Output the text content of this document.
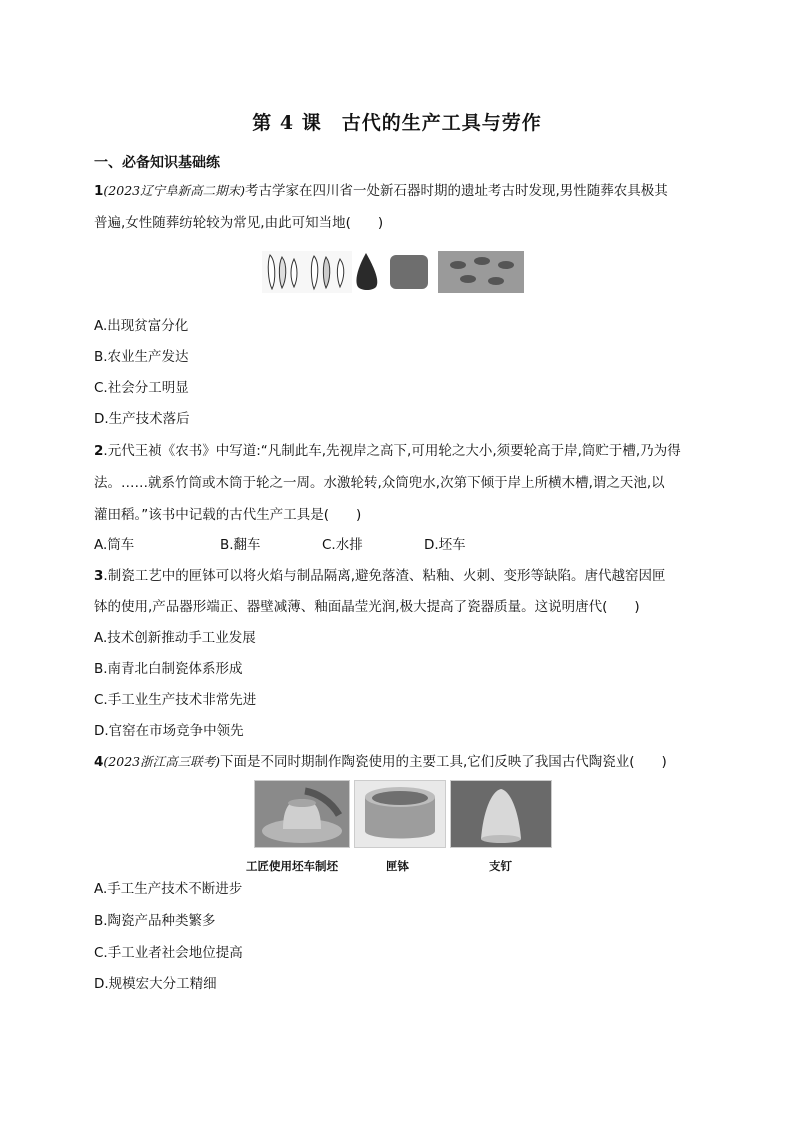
第 4 课　古代的生产工具与劳作
一、必备知识基础练
1(2023辽宁阜新高二期末)考古学家在四川省一处新石器时期的遗址考古时发现,男性随葬农具极其
普遍,女性随葬纺轮较为常见,由此可知当地(　　)
A.出现贫富分化
B.农业生产发达
C.社会分工明显
D.生产技术落后
2.元代王祯《农书》中写道:“凡制此车,先视岸之高下,可用轮之大小,须要轮高于岸,筒贮于槽,乃为得
法。……就系竹筒或木筒于轮之一周。水激轮转,众筒兜水,次第下倾于岸上所横木槽,谓之天池,以
灌田稻。”该书中记载的古代生产工具是(　　)
A.筒车	B.翻车	C.水排	D.坯车
3.制瓷工艺中的匣钵可以将火焰与制品隔离,避免落渣、粘釉、火刺、变形等缺陷。唐代越窑因匣
钵的使用,产品器形端正、器壁减薄、釉面晶莹光润,极大提高了瓷器质量。这说明唐代(　　)
A.技术创新推动手工业发展
B.南青北白制瓷体系形成
C.手工业生产技术非常先进
D.官窑在市场竞争中领先
4(2023浙江高三联考)下面是不同时期制作陶瓷使用的主要工具,它们反映了我国古代陶瓷业(　　)
工匠使用坯车制坯	匣钵	支钉
A.手工生产技术不断进步
B.陶瓷产品种类繁多
C.手工业者社会地位提高
D.规模宏大分工精细
